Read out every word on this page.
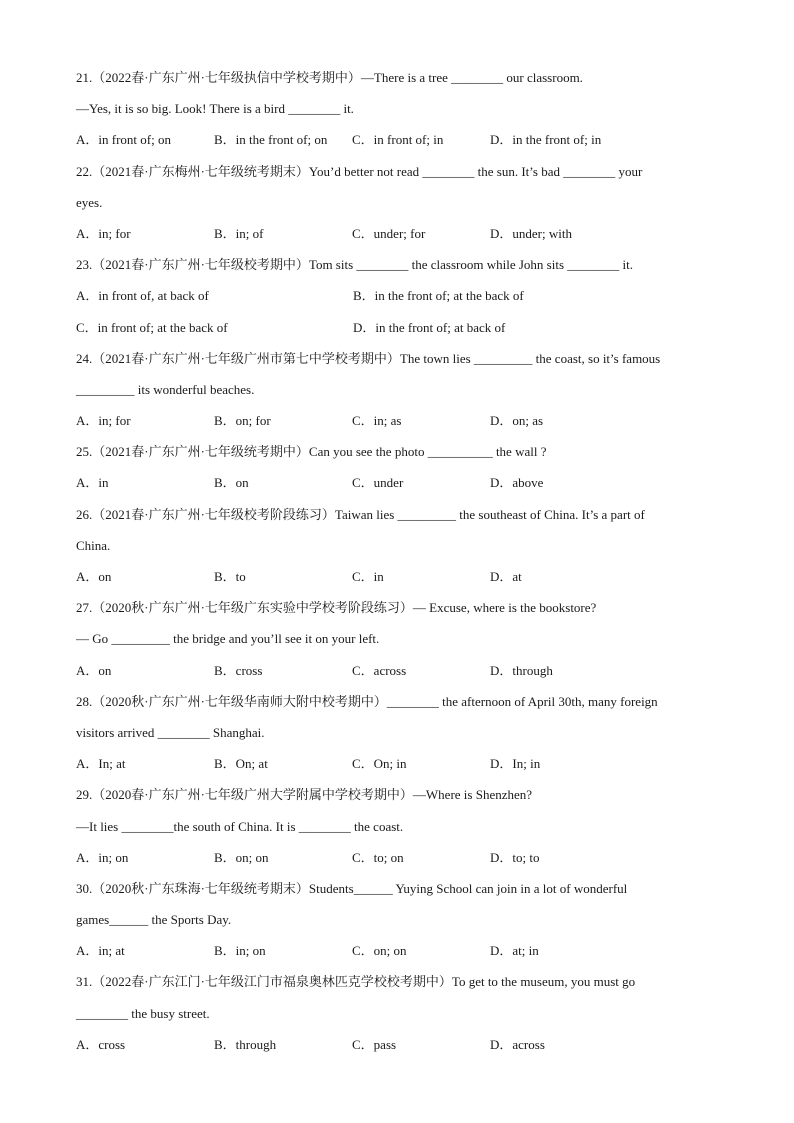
21.（2022春·广东广州·七年级执信中学校考期中）—There is a tree ________ our classroom.
—Yes, it is so big. Look! There is a bird ________ it.
A．in front of; on	B．in the front of; on	C．in front of; in	D．in the front of; in
22.（2021春·广东梅州·七年级统考期末）You’d better not read ________ the sun. It’s bad ________ your
eyes.
A．in; for	B．in; of	C．under; for	D．under; with
23.（2021春·广东广州·七年级校考期中）Tom sits ________ the classroom while John sits ________ it.
A．in front of, at back of	B．in the front of; at the back of
C．in front of; at the back of	D．in the front of; at back of
24.（2021春·广东广州·七年级广州市第七中学校考期中）The town lies _________ the coast, so it’s famous
_________ its wonderful beaches.
A．in; for	B．on; for	C．in; as	D．on; as
25.（2021春·广东广州·七年级统考期中）Can you see the photo __________ the wall ?
A．in	B．on	C．under	D．above
26.（2021春·广东广州·七年级校考阶段练习）Taiwan lies _________ the southeast of China. It’s a part of
China.
A．on	B．to	C．in	D．at
27.（2020秋·广东广州·七年级广东实验中学校考阶段练习）— Excuse, where is the bookstore?
— Go _________ the bridge and you’ll see it on your left.
A．on	B．cross	C．across	D．through
28.（2020秋·广东广州·七年级华南师大附中校考期中）________ the afternoon of April 30th, many foreign
visitors arrived ________ Shanghai.
A．In; at	B．On; at	C．On; in	D．In; in
29.（2020春·广东广州·七年级广州大学附属中学校考期中）—Where is Shenzhen?
—It lies ________the south of China. It is ________ the coast.
A．in; on	B．on; on	C．to; on	D．to; to
30.（2020秋·广东珠海·七年级统考期末）Students______ Yuying School can join in a lot of wonderful
games______ the Sports Day.
A．in; at	B．in; on	C．on; on	D．at; in
31.（2022春·广东江门·七年级江门市福泉奥林匹克学校校考期中）To get to the museum, you must go
________ the busy street.
A．cross	B．through	C．pass	D．across
